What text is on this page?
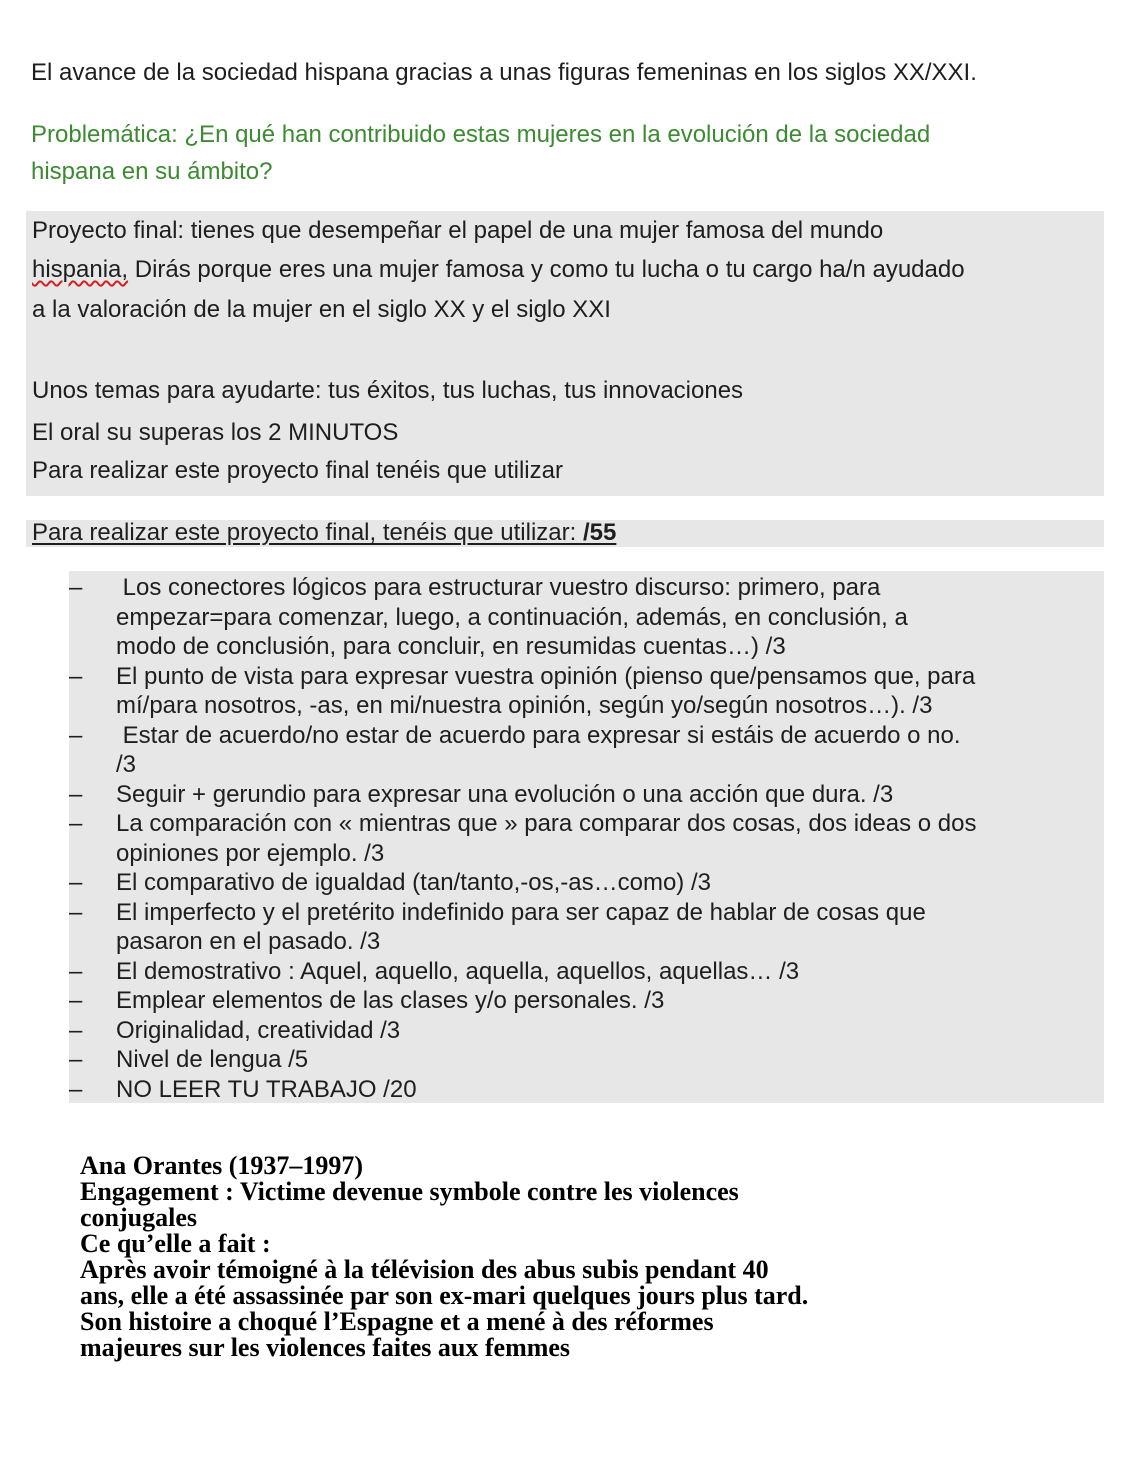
El avance de la sociedad hispana gracias a unas figuras femeninas en los siglos XX/XXI.
Problemática: ¿En qué han contribuido estas mujeres en la evolución de la sociedad
hispana en su ámbito?
Proyecto final: tienes que desempeñar el papel de una mujer famosa del mundo
hispania, Dirás porque eres una mujer famosa y como tu lucha o tu cargo ha/n ayudado
a la valoración de la mujer en el siglo XX y el siglo XXI
Unos temas para ayudarte: tus éxitos, tus luchas, tus innovaciones
El oral su superas los 2 MINUTOS
Para realizar este proyecto final tenéis que utilizar
Para realizar este proyecto final, tenéis que utilizar: /55
– Los conectores lógicos para estructurar vuestro discurso: primero, para
empezar=para comenzar, luego, a continuación, además, en conclusión, a
modo de conclusión, para concluir, en resumidas cuentas…) /3
– El punto de vista para expresar vuestra opinión (pienso que/pensamos que, para
mí/para nosotros, -as, en mi/nuestra opinión, según yo/según nosotros…). /3
– Estar de acuerdo/no estar de acuerdo para expresar si estáis de acuerdo o no.
/3
– Seguir + gerundio para expresar una evolución o una acción que dura. /3
– La comparación con « mientras que » para comparar dos cosas, dos ideas o dos
opiniones por ejemplo. /3
– El comparativo de igualdad (tan/tanto,-os,-as…como) /3
– El imperfecto y el pretérito indefinido para ser capaz de hablar de cosas que
pasaron en el pasado. /3
– El demostrativo : Aquel, aquello, aquella, aquellos, aquellas… /3
– Emplear elementos de las clases y/o personales. /3
– Originalidad, creatividad /3
– Nivel de lengua /5
– NO LEER TU TRABAJO /20
Ana Orantes (1937–1997)
Engagement : Victime devenue symbole contre les violences
conjugales
Ce qu’elle a fait :
Après avoir témoigné à la télévision des abus subis pendant 40
ans, elle a été assassinée par son ex-mari quelques jours plus tard.
Son histoire a choqué l’Espagne et a mené à des réformes
majeures sur les violences faites aux femmes
